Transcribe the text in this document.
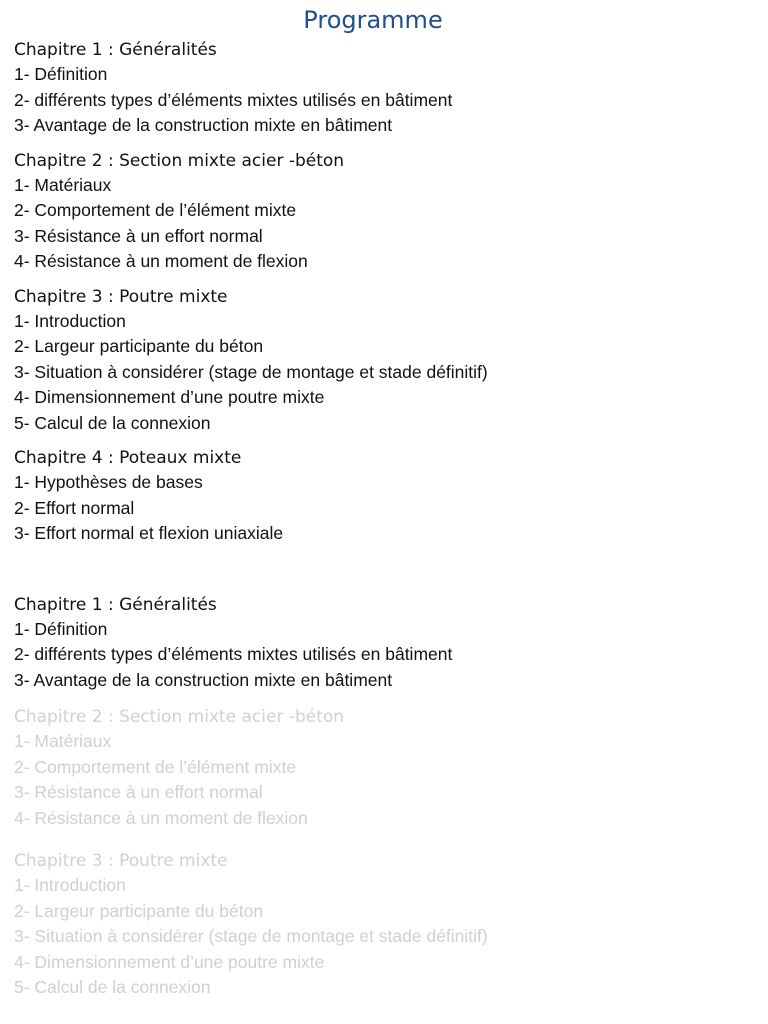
Programme
Chapitre 1 : Généralités
1- Définition
2- différents types d’éléments mixtes utilisés en bâtiment
3- Avantage de la construction mixte en bâtiment
Chapitre 2 : Section mixte acier -béton
1- Matériaux
2- Comportement de l’élément mixte
3- Résistance à un effort normal
4- Résistance à un moment de flexion
Chapitre 3 : Poutre mixte
1- Introduction
2- Largeur participante du béton
3- Situation à considérer (stage de montage et stade définitif)
4- Dimensionnement d’une poutre mixte
5- Calcul de la connexion
Chapitre 4 : Poteaux mixte
1- Hypothèses de bases
2- Effort normal
3- Effort normal et flexion uniaxiale
Chapitre 1 : Généralités
1- Définition
2- différents types d’éléments mixtes utilisés en bâtiment
3- Avantage de la construction mixte en bâtiment
Chapitre 2 : Section mixte acier -béton
1- Matériaux
2- Comportement de l’élément mixte
3- Résistance à un effort normal
4- Résistance à un moment de flexion
Chapitre 3 : Poutre mixte
1- Introduction
2- Largeur participante du béton
3- Situation à considérer (stage de montage et stade définitif)
4- Dimensionnement d’une poutre mixte
5- Calcul de la connexion
